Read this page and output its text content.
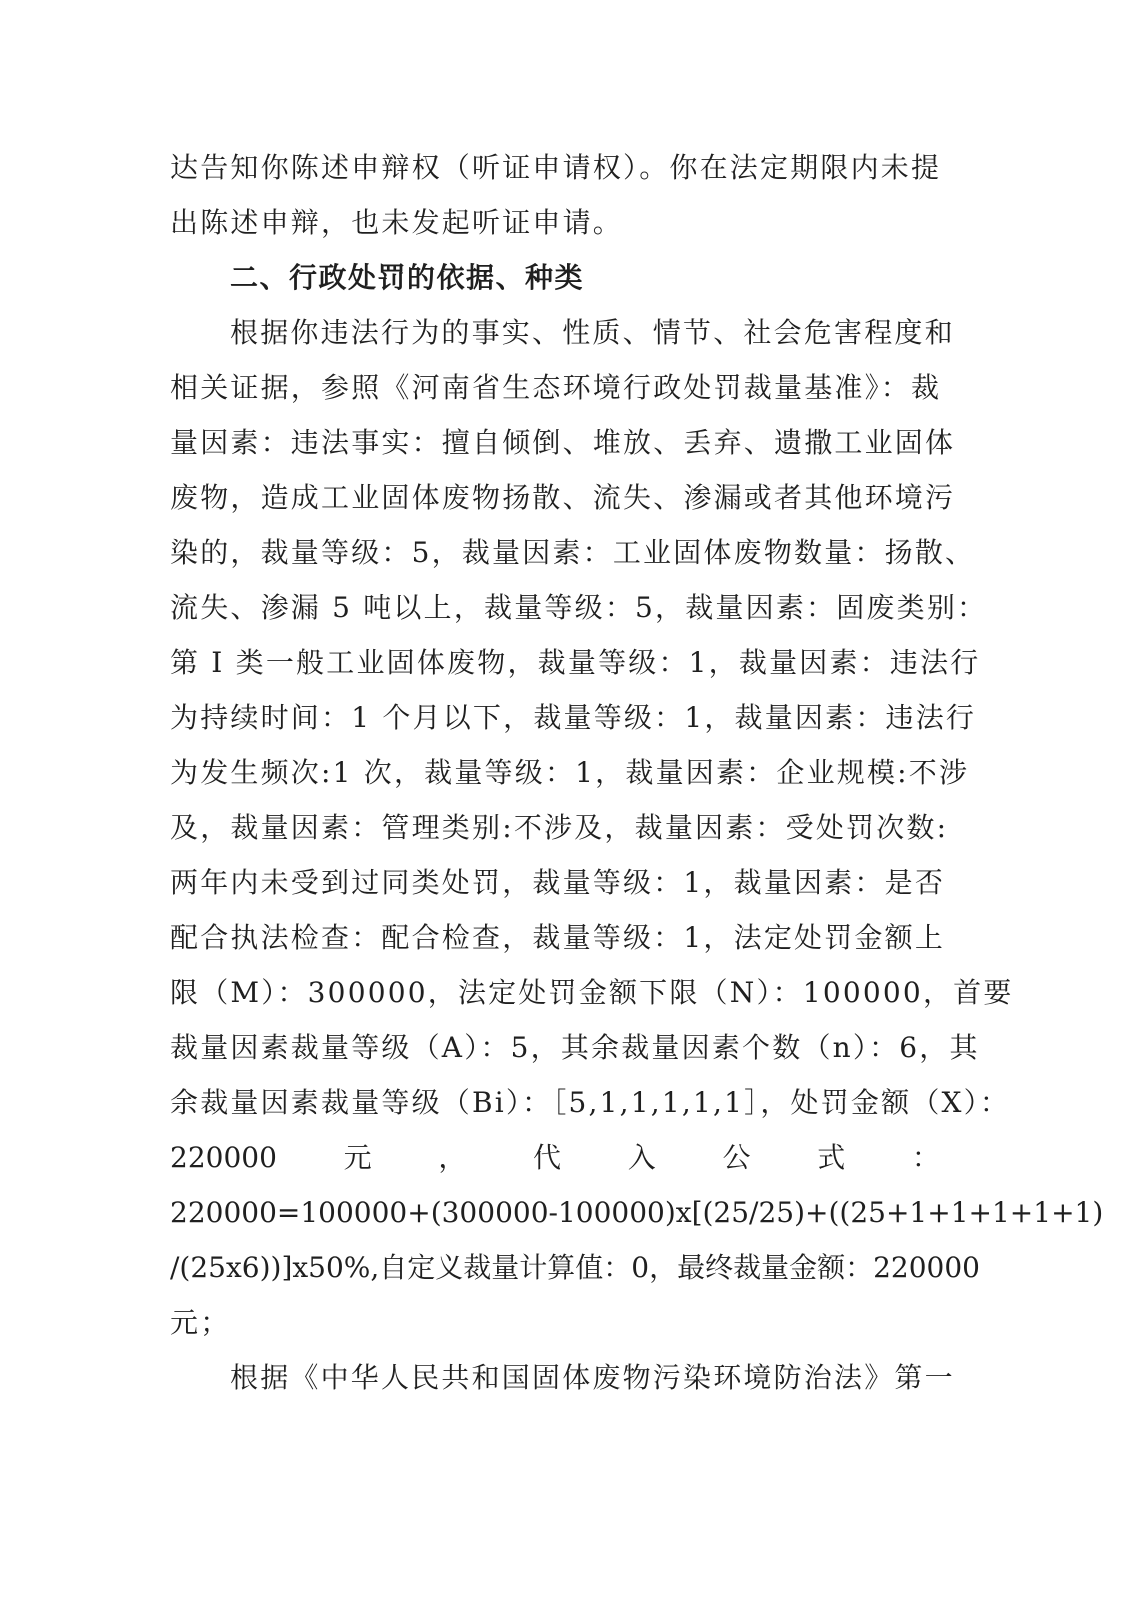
达告知你陈述申辩权（听证申请权）。你在法定期限内未提
出陈述申辩，也未发起听证申请。
二、行政处罚的依据、种类
根据你违法行为的事实、性质、情节、社会危害程度和
相关证据，参照《河南省生态环境行政处罚裁量基准》：裁
量因素：违法事实：擅自倾倒、堆放、丢弃、遗撒工业固体
废物，造成工业固体废物扬散、流失、渗漏或者其他环境污
染的，裁量等级：5，裁量因素：工业固体废物数量：扬散、
流失、渗漏 5 吨以上，裁量等级：5，裁量因素：固废类别：
第 I 类一般工业固体废物，裁量等级：1，裁量因素：违法行
为持续时间：1 个月以下，裁量等级：1，裁量因素：违法行
为发生频次:1 次，裁量等级：1，裁量因素：企业规模:不涉
及，裁量因素：管理类别:不涉及，裁量因素：受处罚次数:
两年内未受到过同类处罚，裁量等级：1，裁量因素：是否
配合执法检查：配合检查，裁量等级：1，法定处罚金额上
限（M）：300000，法定处罚金额下限（N）：100000，首要
裁量因素裁量等级（A）：5，其余裁量因素个数（n）：6，其
余裁量因素裁量等级（Bi）：［5,1,1,1,1,1］，处罚金额（X）：
220000 元 ， 代 入 公 式 ：
220000=100000+(300000-100000)x[(25/25)+((25+1+1+1+1+1)
/(25x6))]x50%,自定义裁量计算值：0，最终裁量金额：220000
元；
根据《中华人民共和国固体废物污染环境防治法》第一
